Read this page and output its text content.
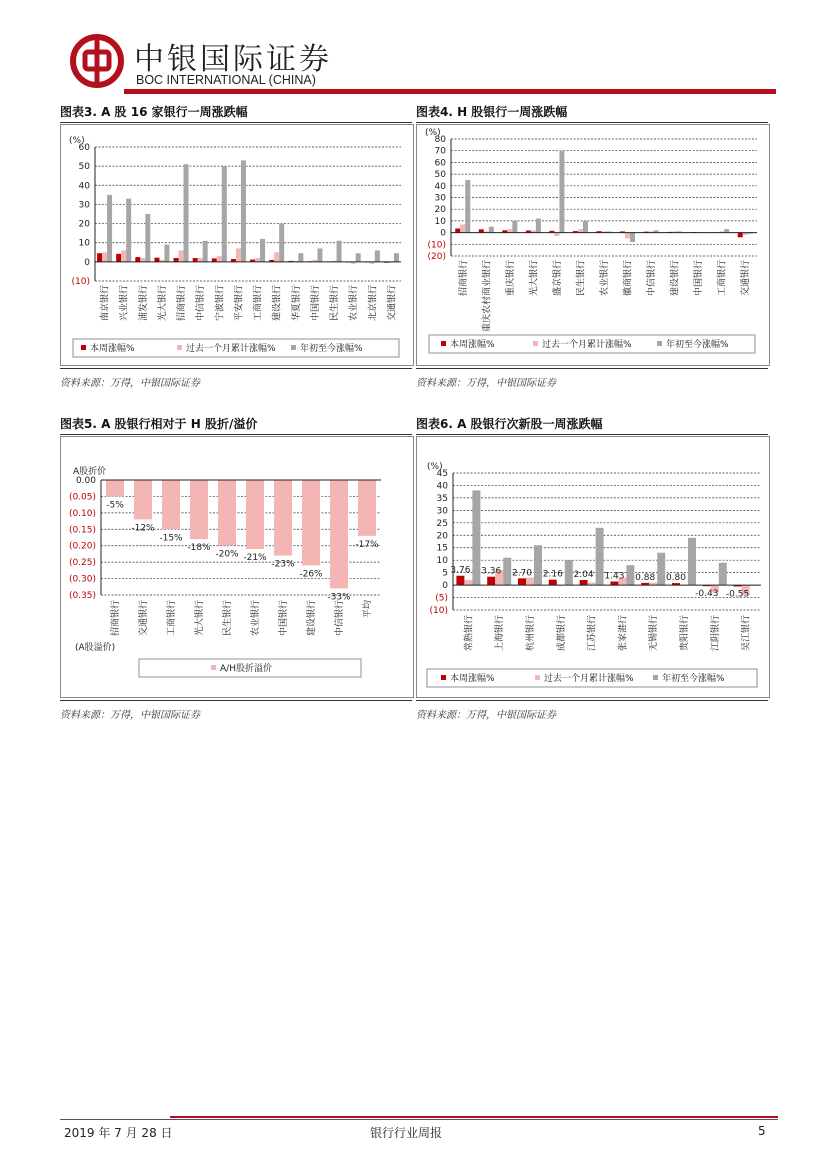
中银国际证券
BOC INTERNATIONAL (CHINA)
图表3. A 股 16 家银行一周涨跌幅
(%)
60
50
40
30
20
10
0
(10)
南京银行 兴业银行 浦发银行 光大银行 招商银行 中信银行 宁波银行 平安银行 工商银行 建设银行 华夏银行 中国银行 民生银行 农业银行 北京银行 交通银行
本周涨幅%	过去一个月累计涨幅%	年初至今涨幅%
资料来源：万得，中银国际证券
图表4. H 股银行一周涨跌幅
(%)
80
70
60
50
40
30
20
10
0
(10)
(20)
招商银行 重庆农村商业银行 重庆银行 光大银行 盛京银行 民生银行 农业银行 徽商银行 中信银行 建设银行 中国银行 工商银行 交通银行
本周涨幅%	过去一个月累计涨幅%	年初至今涨幅%
资料来源：万得，中银国际证券
图表5. A 股银行相对于 H 股折/溢价
A股折价
0.00
(0.05)
(0.10)
(0.15)
(0.20)
(0.25)
(0.30)
(0.35)
-5%
-12%
-15%
-18%
-20% -21%
-23%
-26%
-33%
-17%
招商银行 交通银行 工商银行 光大银行 民生银行 农业银行 中国银行 建设银行 中信银行 平均
(A股溢价)
A/H股折溢价
资料来源：万得，中银国际证券
图表6. A 股银行次新股一周涨跌幅
(%)
45
40
35
30
25
20
15
10
5
0
(5)
(10)
3.76 3.36 2.70 2.16 2.04 1.43 0.88 0.80
-0.43 -0.55
常熟银行 上海银行 杭州银行 成都银行 江苏银行 张家港行 无锡银行 贵阳银行 江阴银行 吴江银行
本周涨幅%	过去一个月累计涨幅%	年初至今涨幅%
资料来源：万得，中银国际证券
2019 年 7 月 28 日	银行行业周报	5
